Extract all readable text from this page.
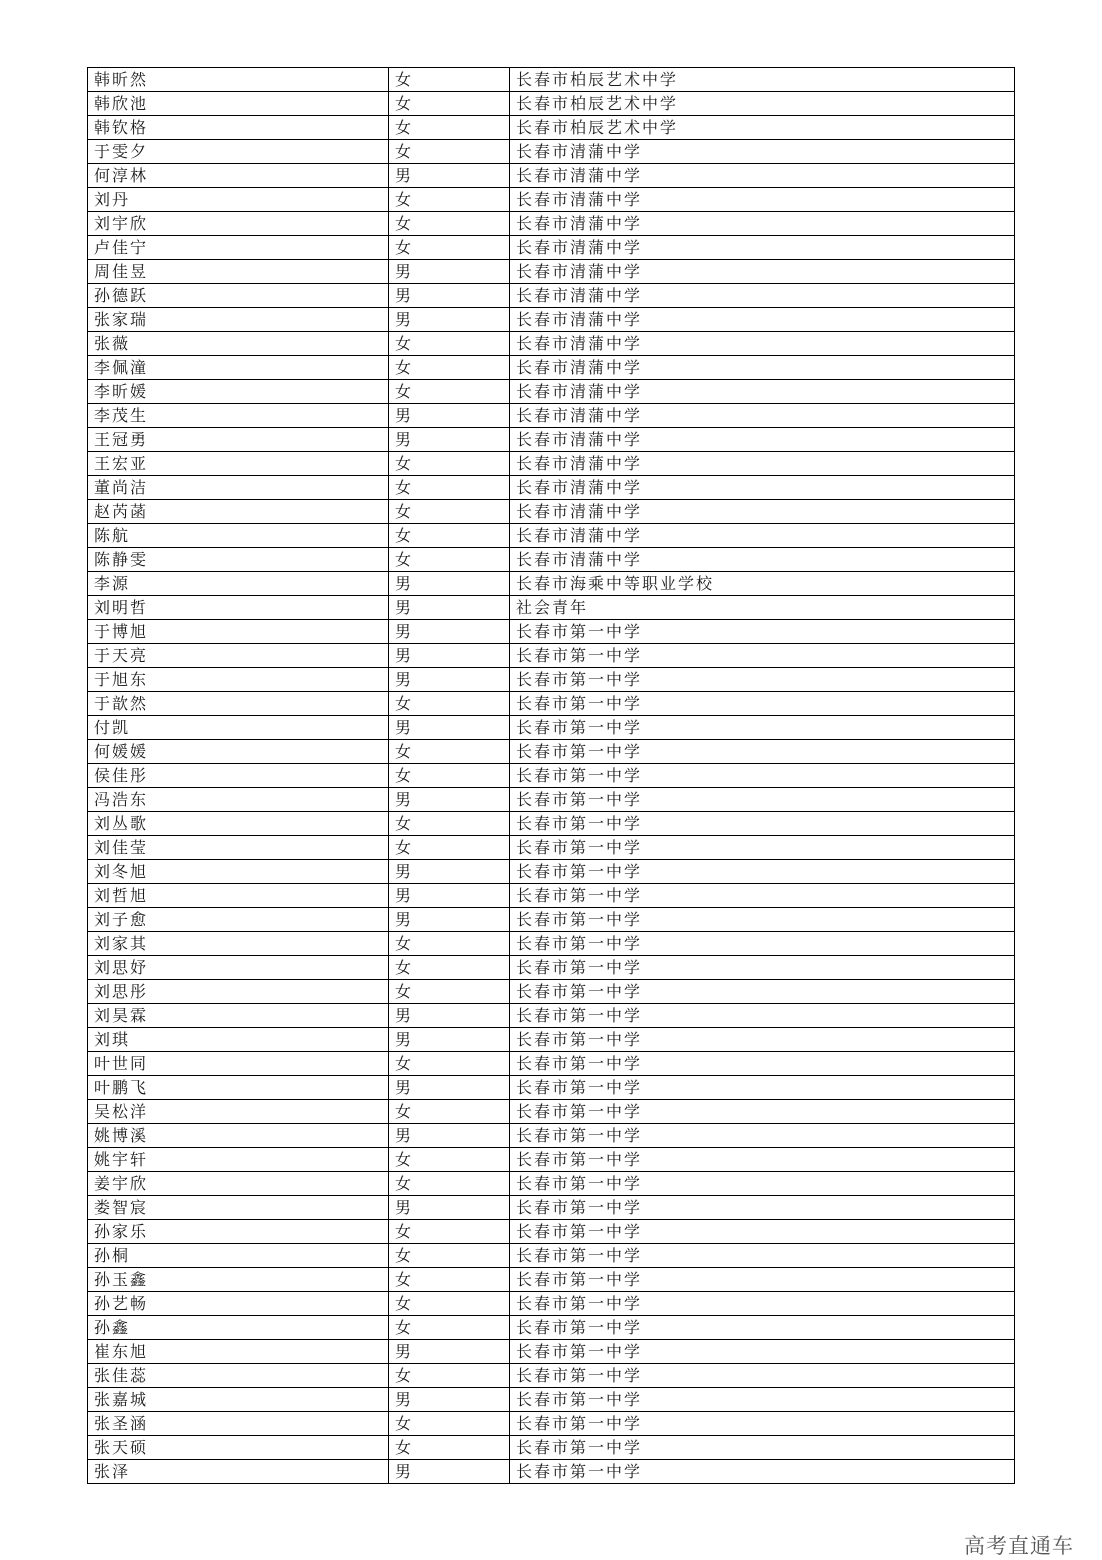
韩昕然	女	长春市柏辰艺术中学
韩欣池	女	长春市柏辰艺术中学
韩钦格	女	长春市柏辰艺术中学
于雯夕	女	长春市清蒲中学
何淳林	男	长春市清蒲中学
刘丹	女	长春市清蒲中学
刘宇欣	女	长春市清蒲中学
卢佳宁	女	长春市清蒲中学
周佳昱	男	长春市清蒲中学
孙德跃	男	长春市清蒲中学
张家瑞	男	长春市清蒲中学
张薇	女	长春市清蒲中学
李佩潼	女	长春市清蒲中学
李昕媛	女	长春市清蒲中学
李茂生	男	长春市清蒲中学
王冠勇	男	长春市清蒲中学
王宏亚	女	长春市清蒲中学
董尚洁	女	长春市清蒲中学
赵芮菡	女	长春市清蒲中学
陈航	女	长春市清蒲中学
陈静雯	女	长春市清蒲中学
李源	男	长春市海乘中等职业学校
刘明哲	男	社会青年
于博旭	男	长春市第一中学
于天亮	男	长春市第一中学
于旭东	男	长春市第一中学
于歆然	女	长春市第一中学
付凯	男	长春市第一中学
何媛媛	女	长春市第一中学
侯佳彤	女	长春市第一中学
冯浩东	男	长春市第一中学
刘丛歌	女	长春市第一中学
刘佳莹	女	长春市第一中学
刘冬旭	男	长春市第一中学
刘哲旭	男	长春市第一中学
刘子愈	男	长春市第一中学
刘家其	女	长春市第一中学
刘思妤	女	长春市第一中学
刘思彤	女	长春市第一中学
刘昊霖	男	长春市第一中学
刘琪	男	长春市第一中学
叶世同	女	长春市第一中学
叶鹏飞	男	长春市第一中学
吴松洋	女	长春市第一中学
姚博溪	男	长春市第一中学
姚宇轩	女	长春市第一中学
姜宇欣	女	长春市第一中学
娄智宸	男	长春市第一中学
孙家乐	女	长春市第一中学
孙桐	女	长春市第一中学
孙玉鑫	女	长春市第一中学
孙艺畅	女	长春市第一中学
孙鑫	女	长春市第一中学
崔东旭	男	长春市第一中学
张佳蕊	女	长春市第一中学
张嘉城	男	长春市第一中学
张圣涵	女	长春市第一中学
张天硕	女	长春市第一中学
张泽	男	长春市第一中学
高考直通车
